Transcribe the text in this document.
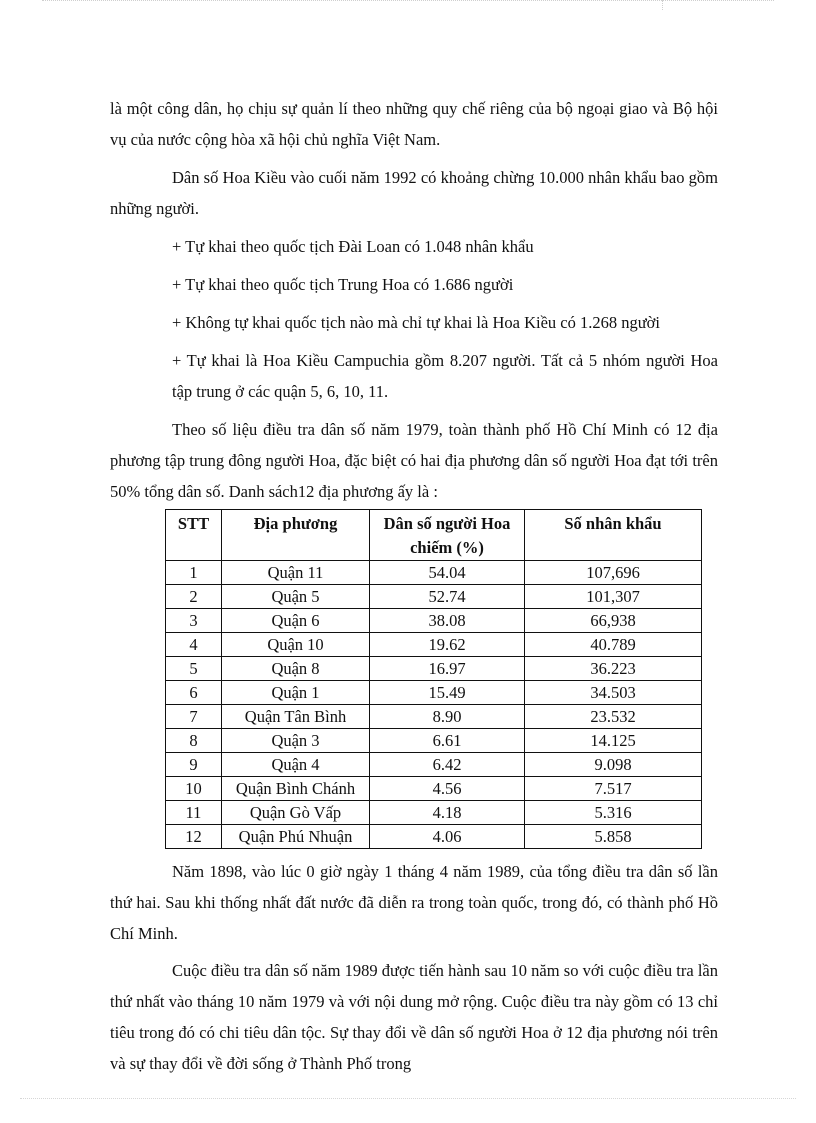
là một công dân, họ chịu sự quản lí theo những quy chế riêng của bộ ngoại giao và Bộ hội vụ của nước cộng hòa xã hội chủ nghĩa Việt Nam.

Dân số Hoa Kiều vào cuối năm 1992 có khoảng chừng 10.000 nhân khẩu bao gồm những người.

+ Tự khai theo quốc tịch Đài Loan có 1.048 nhân khẩu

+ Tự khai theo quốc tịch Trung Hoa có 1.686 người

+ Không tự khai quốc tịch nào mà chỉ tự khai là Hoa Kiều có 1.268 người

+ Tự khai là Hoa Kiều Campuchia gồm 8.207 người. Tất cả 5 nhóm người Hoa tập trung ở các quận 5, 6, 10, 11.

Theo số liệu điều tra dân số năm 1979, toàn thành phố Hồ Chí Minh có 12 địa phương tập trung đông người Hoa, đặc biệt có hai địa phương dân số người Hoa đạt tới trên 50% tổng dân số. Danh sách12 địa phương ấy là :

STT	Địa phương	Dân số người Hoa chiếm (%)	Số nhân khẩu
1	Quận 11	54.04	107,696
2	Quận 5	52.74	101,307
3	Quận 6	38.08	66,938
4	Quận 10	19.62	40.789
5	Quận 8	16.97	36.223
6	Quận 1	15.49	34.503
7	Quận Tân Bình	8.90	23.532
8	Quận 3	6.61	14.125
9	Quận 4	6.42	9.098
10	Quận Bình Chánh	4.56	7.517
11	Quận Gò Vấp	4.18	5.316
12	Quận Phú Nhuận	4.06	5.858

Năm 1898, vào lúc 0 giờ ngày 1 tháng 4 năm 1989, của tổng điều tra dân số lần thứ hai. Sau khi thống nhất đất nước đã diễn ra trong toàn quốc, trong đó, có thành phố Hồ Chí Minh.

Cuộc điều tra dân số năm 1989 được tiến hành sau 10 năm so với cuộc điều tra lần thứ nhất vào tháng 10 năm 1979 và với nội dung mở rộng. Cuộc điều tra này gồm có 13 chỉ tiêu trong đó có chi tiêu dân tộc. Sự thay đổi về dân số người Hoa ở 12 địa phương nói trên và sự thay đổi về đời sống ở Thành Phố trong
